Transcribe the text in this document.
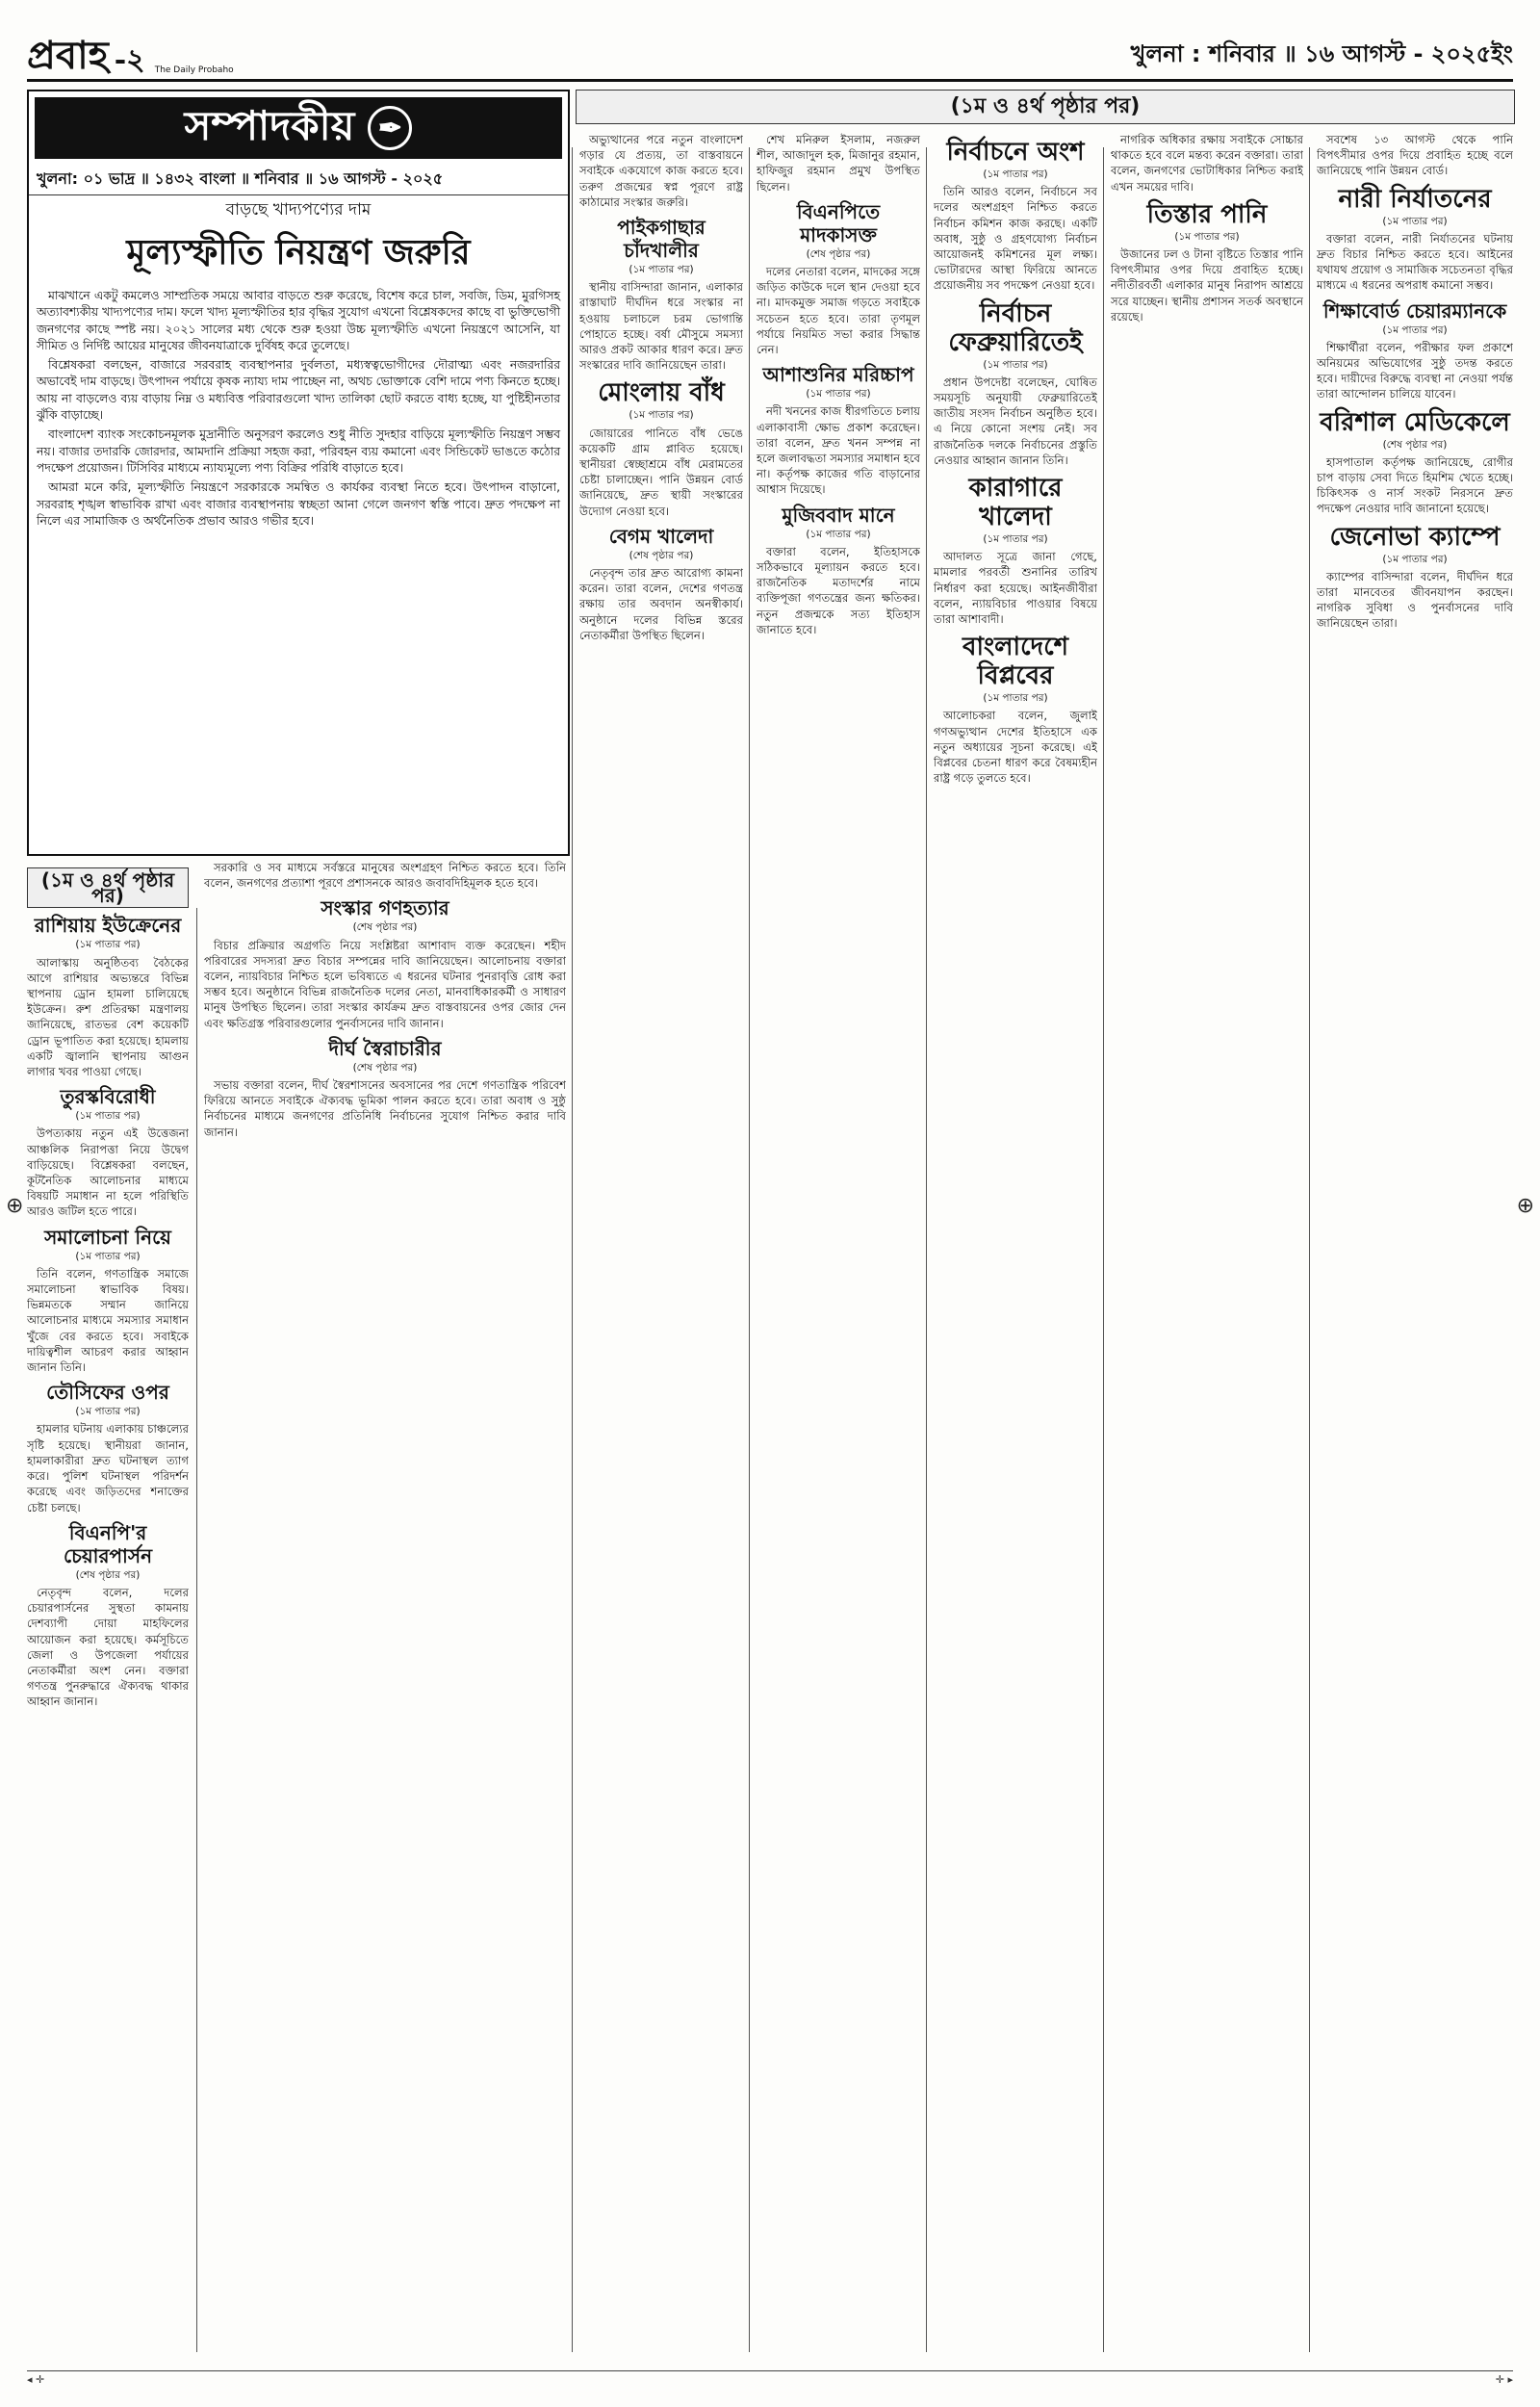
⊕	⊕
প্রবাহ -২ The Daily Probaho
খুলনা : শনিবার ॥ ১৬ আগস্ট - ২০২৫ইং
(১ম ও ৪র্থ পৃষ্ঠার পর)
সম্পাদকীয় ✒
খুলনা: ০১ ভাদ্র ॥ ১৪৩২ বাংলা ॥ শনিবার ॥ ১৬ আগস্ট - ২০২৫
বাড়ছে খাদ্যপণ্যের দাম
মূল্যস্ফীতি নিয়ন্ত্রণ জরুরি

মাঝখানে একটু কমলেও সাম্প্রতিক সময়ে আবার বাড়তে শুরু করেছে, বিশেষ করে চাল, সবজি, ডিম, মুরগিসহ অত্যাবশ্যকীয় খাদ্যপণ্যের দাম। ফলে খাদ্য মূল্যস্ফীতির হার বৃদ্ধির সুযোগ এখনো বিশ্লেষকদের কাছে বা ভুক্তিভোগী জনগণের কাছে স্পষ্ট নয়। ২০২১ সালের মধ্য থেকে শুরু হওয়া উচ্চ মূল্যস্ফীতি এখনো নিয়ন্ত্রণে আসেনি, যা সীমিত ও নির্দিষ্ট আয়ের মানুষের জীবনযাত্রাকে দুর্বিষহ করে তুলেছে।

বিশ্লেষকরা বলছেন, বাজারে সরবরাহ ব্যবস্থাপনার দুর্বলতা, মধ্যস্বত্বভোগীদের দৌরাত্ম্য এবং নজরদারির অভাবেই দাম বাড়ছে। উৎপাদন পর্যায়ে কৃষক ন্যায্য দাম পাচ্ছেন না, অথচ ভোক্তাকে বেশি দামে পণ্য কিনতে হচ্ছে। আয় না বাড়লেও ব্যয় বাড়ায় নিম্ন ও মধ্যবিত্ত পরিবারগুলো খাদ্য তালিকা ছোট করতে বাধ্য হচ্ছে, যা পুষ্টিহীনতার ঝুঁকি বাড়াচ্ছে।

বাংলাদেশ ব্যাংক সংকোচনমূলক মুদ্রানীতি অনুসরণ করলেও শুধু নীতি সুদহার বাড়িয়ে মূল্যস্ফীতি নিয়ন্ত্রণ সম্ভব নয়। বাজার তদারকি জোরদার, আমদানি প্রক্রিয়া সহজ করা, পরিবহন ব্যয় কমানো এবং সিন্ডিকেট ভাঙতে কঠোর পদক্ষেপ প্রয়োজন। টিসিবির মাধ্যমে ন্যায্যমূল্যে পণ্য বিক্রির পরিধি বাড়াতে হবে।

আমরা মনে করি, মূল্যস্ফীতি নিয়ন্ত্রণে সরকারকে সমন্বিত ও কার্যকর ব্যবস্থা নিতে হবে। উৎপাদন বাড়ানো, সরবরাহ শৃঙ্খল স্বাভাবিক রাখা এবং বাজার ব্যবস্থাপনায় স্বচ্ছতা আনা গেলে জনগণ স্বস্তি পাবে। দ্রুত পদক্ষেপ না নিলে এর সামাজিক ও অর্থনৈতিক প্রভাব আরও গভীর হবে।

(১ম ও ৪র্থ পৃষ্ঠার পর)
রাশিয়ায় ইউক্রেনের
(১ম পাতার পর)

আলাস্কায় অনুষ্ঠিতব্য বৈঠকের আগে রাশিয়ার অভ্যন্তরে বিভিন্ন স্থাপনায় ড্রোন হামলা চালিয়েছে ইউক্রেন। রুশ প্রতিরক্ষা মন্ত্রণালয় জানিয়েছে, রাতভর বেশ কয়েকটি ড্রোন ভূপাতিত করা হয়েছে। হামলায় একটি জ্বালানি স্থাপনায় আগুন লাগার খবর পাওয়া গেছে।

তুরস্কবিরোধী
(১ম পাতার পর)

উপত্যকায় নতুন এই উত্তেজনা আঞ্চলিক নিরাপত্তা নিয়ে উদ্বেগ বাড়িয়েছে। বিশ্লেষকরা বলছেন, কূটনৈতিক আলোচনার মাধ্যমে বিষয়টি সমাধান না হলে পরিস্থিতি আরও জটিল হতে পারে।

সমালোচনা নিয়ে
(১ম পাতার পর)

তিনি বলেন, গণতান্ত্রিক সমাজে সমালোচনা স্বাভাবিক বিষয়। ভিন্নমতকে সম্মান জানিয়ে আলোচনার মাধ্যমে সমস্যার সমাধান খুঁজে বের করতে হবে। সবাইকে দায়িত্বশীল আচরণ করার আহ্বান জানান তিনি।

তৌসিফের ওপর
(১ম পাতার পর)

হামলার ঘটনায় এলাকায় চাঞ্চল্যের সৃষ্টি হয়েছে। স্থানীয়রা জানান, হামলাকারীরা দ্রুত ঘটনাস্থল ত্যাগ করে। পুলিশ ঘটনাস্থল পরিদর্শন করেছে এবং জড়িতদের শনাক্তের চেষ্টা চলছে।

বিএনপি'র চেয়ারপার্সন
(শেষ পৃষ্ঠার পর)

নেতৃবৃন্দ বলেন, দলের চেয়ারপার্সনের সুস্থতা কামনায় দেশব্যাপী দোয়া মাহফিলের আয়োজন করা হয়েছে। কর্মসূচিতে জেলা ও উপজেলা পর্যায়ের নেতাকর্মীরা অংশ নেন। বক্তারা গণতন্ত্র পুনরুদ্ধারে ঐক্যবদ্ধ থাকার আহ্বান জানান।

সরকারি ও সব মাধ্যমে সর্বস্তরে মানুষের অংশগ্রহণ নিশ্চিত করতে হবে। তিনি বলেন, জনগণের প্রত্যাশা পূরণে প্রশাসনকে আরও জবাবদিহিমূলক হতে হবে।

সংস্কার গণহত্যার
(শেষ পৃষ্ঠার পর)

বিচার প্রক্রিয়ার অগ্রগতি নিয়ে সংশ্লিষ্টরা আশাবাদ ব্যক্ত করেছেন। শহীদ পরিবারের সদস্যরা দ্রুত বিচার সম্পন্নের দাবি জানিয়েছেন। আলোচনায় বক্তারা বলেন, ন্যায়বিচার নিশ্চিত হলে ভবিষ্যতে এ ধরনের ঘটনার পুনরাবৃত্তি রোধ করা সম্ভব হবে। অনুষ্ঠানে বিভিন্ন রাজনৈতিক দলের নেতা, মানবাধিকারকর্মী ও সাধারণ মানুষ উপস্থিত ছিলেন। তারা সংস্কার কার্যক্রম দ্রুত বাস্তবায়নের ওপর জোর দেন এবং ক্ষতিগ্রস্ত পরিবারগুলোর পুনর্বাসনের দাবি জানান।

দীর্ঘ স্বৈরাচারীর
(শেষ পৃষ্ঠার পর)

সভায় বক্তারা বলেন, দীর্ঘ স্বৈরশাসনের অবসানের পর দেশে গণতান্ত্রিক পরিবেশ ফিরিয়ে আনতে সবাইকে ঐক্যবদ্ধ ভূমিকা পালন করতে হবে। তারা অবাধ ও সুষ্ঠু নির্বাচনের মাধ্যমে জনগণের প্রতিনিধি নির্বাচনের সুযোগ নিশ্চিত করার দাবি জানান।

অভ্যুত্থানের পরে নতুন বাংলাদেশ গড়ার যে প্রত্যয়, তা বাস্তবায়নে সবাইকে একযোগে কাজ করতে হবে। তরুণ প্রজন্মের স্বপ্ন পূরণে রাষ্ট্র কাঠামোর সংস্কার জরুরি।

পাইকগাছার চাঁদখালীর
(১ম পাতার পর)

স্থানীয় বাসিন্দারা জানান, এলাকার রাস্তাঘাট দীর্ঘদিন ধরে সংস্কার না হওয়ায় চলাচলে চরম ভোগান্তি পোহাতে হচ্ছে। বর্ষা মৌসুমে সমস্যা আরও প্রকট আকার ধারণ করে। দ্রুত সংস্কারের দাবি জানিয়েছেন তারা।

মোংলায় বাঁধ
(১ম পাতার পর)

জোয়ারের পানিতে বাঁধ ভেঙে কয়েকটি গ্রাম প্লাবিত হয়েছে। স্থানীয়রা স্বেচ্ছাশ্রমে বাঁধ মেরামতের চেষ্টা চালাচ্ছেন। পানি উন্নয়ন বোর্ড জানিয়েছে, দ্রুত স্থায়ী সংস্কারের উদ্যোগ নেওয়া হবে।

বেগম খালেদা
(শেষ পৃষ্ঠার পর)

নেতৃবৃন্দ তার দ্রুত আরোগ্য কামনা করেন। তারা বলেন, দেশের গণতন্ত্র রক্ষায় তার অবদান অনস্বীকার্য। অনুষ্ঠানে দলের বিভিন্ন স্তরের নেতাকর্মীরা উপস্থিত ছিলেন।

শেখ মনিরুল ইসলাম, নজরুল শীল, আজাদুল হক, মিজানুর রহমান, হাফিজুর রহমান প্রমুখ উপস্থিত ছিলেন।

বিএনপিতে মাদকাসক্ত
(শেষ পৃষ্ঠার পর)

দলের নেতারা বলেন, মাদকের সঙ্গে জড়িত কাউকে দলে স্থান দেওয়া হবে না। মাদকমুক্ত সমাজ গড়তে সবাইকে সচেতন হতে হবে। তারা তৃণমূল পর্যায়ে নিয়মিত সভা করার সিদ্ধান্ত নেন।

আশাশুনির মরিচ্চাপ
(১ম পাতার পর)

নদী খননের কাজ ধীরগতিতে চলায় এলাকাবাসী ক্ষোভ প্রকাশ করেছেন। তারা বলেন, দ্রুত খনন সম্পন্ন না হলে জলাবদ্ধতা সমস্যার সমাধান হবে না। কর্তৃপক্ষ কাজের গতি বাড়ানোর আশ্বাস দিয়েছে।

মুজিববাদ মানে
(১ম পাতার পর)

বক্তারা বলেন, ইতিহাসকে সঠিকভাবে মূল্যায়ন করতে হবে। রাজনৈতিক মতাদর্শের নামে ব্যক্তিপূজা গণতন্ত্রের জন্য ক্ষতিকর। নতুন প্রজন্মকে সত্য ইতিহাস জানাতে হবে।

নির্বাচনে অংশ
(১ম পাতার পর)

তিনি আরও বলেন, নির্বাচনে সব দলের অংশগ্রহণ নিশ্চিত করতে নির্বাচন কমিশন কাজ করছে। একটি অবাধ, সুষ্ঠু ও গ্রহণযোগ্য নির্বাচন আয়োজনই কমিশনের মূল লক্ষ্য। ভোটারদের আস্থা ফিরিয়ে আনতে প্রয়োজনীয় সব পদক্ষেপ নেওয়া হবে।

নির্বাচন ফেব্রুয়ারিতেই
(১ম পাতার পর)

প্রধান উপদেষ্টা বলেছেন, ঘোষিত সময়সূচি অনুযায়ী ফেব্রুয়ারিতেই জাতীয় সংসদ নির্বাচন অনুষ্ঠিত হবে। এ নিয়ে কোনো সংশয় নেই। সব রাজনৈতিক দলকে নির্বাচনের প্রস্তুতি নেওয়ার আহ্বান জানান তিনি।

কারাগারে খালেদা
(১ম পাতার পর)

আদালত সূত্রে জানা গেছে, মামলার পরবর্তী শুনানির তারিখ নির্ধারণ করা হয়েছে। আইনজীবীরা বলেন, ন্যায়বিচার পাওয়ার বিষয়ে তারা আশাবাদী।

বাংলাদেশে বিপ্লবের
(১ম পাতার পর)

আলোচকরা বলেন, জুলাই গণঅভ্যুত্থান দেশের ইতিহাসে এক নতুন অধ্যায়ের সূচনা করেছে। এই বিপ্লবের চেতনা ধারণ করে বৈষম্যহীন রাষ্ট্র গড়ে তুলতে হবে।

নাগরিক অধিকার রক্ষায় সবাইকে সোচ্চার থাকতে হবে বলে মন্তব্য করেন বক্তারা। তারা বলেন, জনগণের ভোটাধিকার নিশ্চিত করাই এখন সময়ের দাবি।

তিস্তার পানি
(১ম পাতার পর)

উজানের ঢল ও টানা বৃষ্টিতে তিস্তার পানি বিপৎসীমার ওপর দিয়ে প্রবাহিত হচ্ছে। নদীতীরবর্তী এলাকার মানুষ নিরাপদ আশ্রয়ে সরে যাচ্ছেন। স্থানীয় প্রশাসন সতর্ক অবস্থানে রয়েছে।

সবশেষ ১৩ আগস্ট থেকে পানি বিপৎসীমার ওপর দিয়ে প্রবাহিত হচ্ছে বলে জানিয়েছে পানি উন্নয়ন বোর্ড।

নারী নির্যাতনের
(১ম পাতার পর)

বক্তারা বলেন, নারী নির্যাতনের ঘটনায় দ্রুত বিচার নিশ্চিত করতে হবে। আইনের যথাযথ প্রয়োগ ও সামাজিক সচেতনতা বৃদ্ধির মাধ্যমে এ ধরনের অপরাধ কমানো সম্ভব।

শিক্ষাবোর্ড চেয়ারম্যানকে
(১ম পাতার পর)

শিক্ষার্থীরা বলেন, পরীক্ষার ফল প্রকাশে অনিয়মের অভিযোগের সুষ্ঠু তদন্ত করতে হবে। দায়ীদের বিরুদ্ধে ব্যবস্থা না নেওয়া পর্যন্ত তারা আন্দোলন চালিয়ে যাবেন।

বরিশাল মেডিকেলে
(শেষ পৃষ্ঠার পর)

হাসপাতাল কর্তৃপক্ষ জানিয়েছে, রোগীর চাপ বাড়ায় সেবা দিতে হিমশিম খেতে হচ্ছে। চিকিৎসক ও নার্স সংকট নিরসনে দ্রুত পদক্ষেপ নেওয়ার দাবি জানানো হয়েছে।

জেনোভা ক্যাম্পে
(১ম পাতার পর)

ক্যাম্পের বাসিন্দারা বলেন, দীর্ঘদিন ধরে তারা মানবেতর জীবনযাপন করছেন। নাগরিক সুবিধা ও পুনর্বাসনের দাবি জানিয়েছেন তারা।

◂ ✛	✛ ▸
